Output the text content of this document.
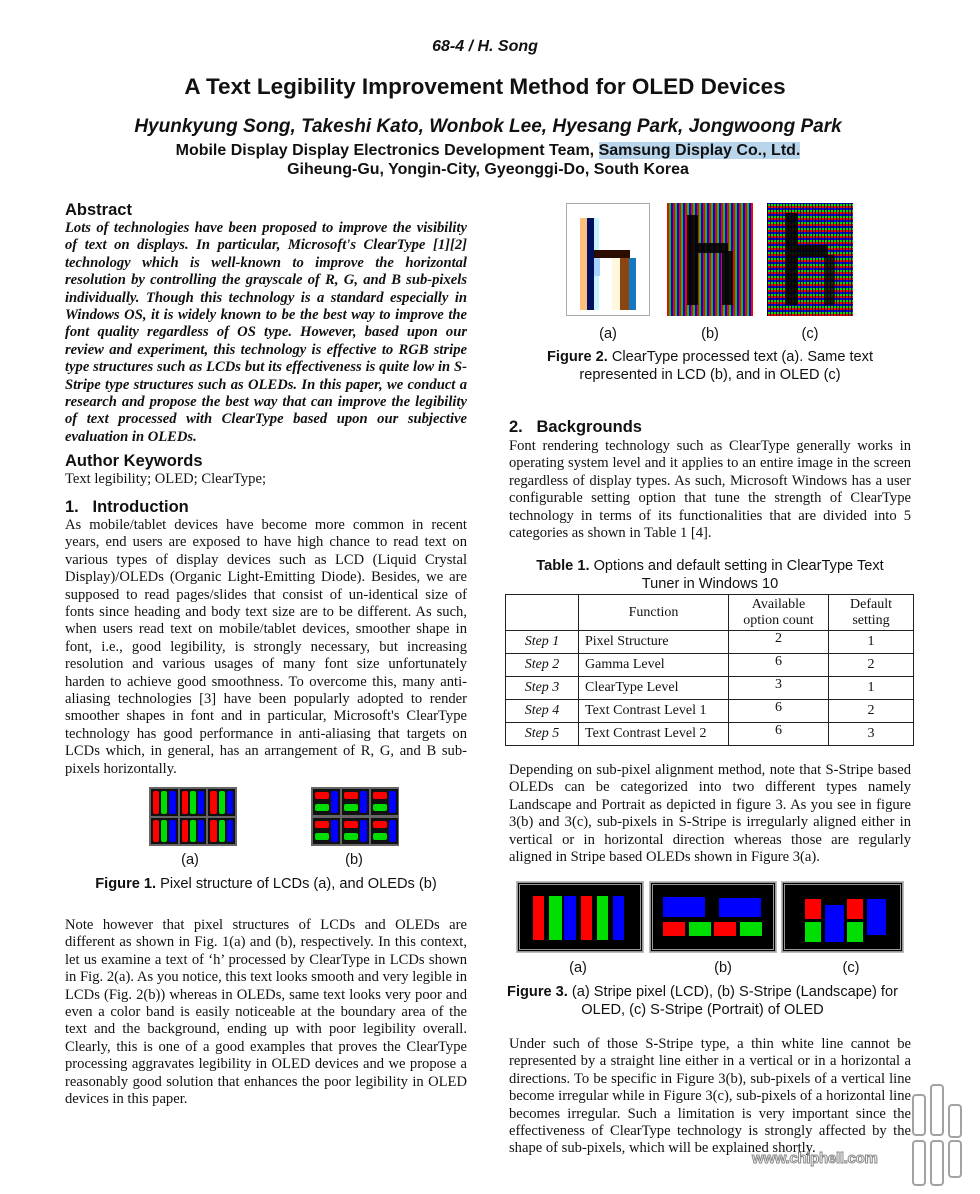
68-4 / H. Song
A Text Legibility Improvement Method for OLED Devices
Hyunkyung Song, Takeshi Kato, Wonbok Lee, Hyesang Park, Jongwoong Park
Mobile Display Display Electronics Development Team, Samsung Display Co., Ltd.
Giheung-Gu, Yongin-City, Gyeonggi-Do, South Korea
Abstract
Lots of technologies have been proposed to improve the visibility of text on displays. In particular, Microsoft's ClearType [1][2] technology which is well-known to improve the horizontal resolution by controlling the grayscale of R, G, and B sub-pixels individually. Though this technology is a standard especially in Windows OS, it is widely known to be the best way to improve the font quality regardless of OS type. However, based upon our review and experiment, this technology is effective to RGB stripe type structures such as LCDs but its effectiveness is quite low in S-Stripe type structures such as OLEDs. In this paper, we conduct a research and propose the best way that can improve the legibility of text processed with ClearType based upon our subjective evaluation in OLEDs.
Author Keywords
Text legibility; OLED; ClearType;
1.   Introduction
As mobile/tablet devices have become more common in recent years, end users are exposed to have high chance to read text on various types of display devices such as LCD (Liquid Crystal Display)/OLEDs (Organic Light-Emitting Diode). Besides, we are supposed to read pages/slides that consist of un-identical size of fonts since heading and body text size are to be different. As such, when users read text on mobile/tablet devices, smoother shape in font, i.e., good legibility, is strongly necessary, but increasing resolution and various usages of many font size unfortunately harden to achieve good smoothness. To overcome this, many anti-aliasing technologies [3] have been popularly adopted to render smoother shapes in font and in particular, Microsoft's ClearType technology has good performance in anti-aliasing that targets on LCDs which, in general, has an arrangement of R, G, and B sub-pixels horizontally.
(a)	(b)
Figure 1. Pixel structure of LCDs (a), and OLEDs (b)
Note however that pixel structures of LCDs and OLEDs are different as shown in Fig. 1(a) and (b), respectively. In this context, let us examine a text of ‘h’ processed by ClearType in LCDs shown in Fig. 2(a). As you notice, this text looks smooth and very legible in LCDs (Fig. 2(b)) whereas in OLEDs, same text looks very poor and even a color band is easily noticeable at the boundary area of the text and the background, ending up with poor legibility overall. Clearly, this is one of a good examples that proves the ClearType processing aggravates legibility in OLED devices and we propose a reasonably good solution that enhances the poor legibility in OLED devices in this paper.
(a)	(b)	(c)
Figure 2. ClearType processed text (a). Same text represented in LCD (b), and in OLED (c)
2.   Backgrounds
Font rendering technology such as ClearType generally works in operating system level and it applies to an entire image in the screen regardless of display types. As such, Microsoft Windows has a user configurable setting option that tune the strength of ClearType technology in terms of its functionalities that are divided into 5 categories as shown in Table 1 [4].
Table 1. Options and default setting in ClearType Text Tuner in Windows 10
	Function	Available option count	Default setting
Step 1	Pixel Structure	2	1
Step 2	Gamma Level	6	2
Step 3	ClearType Level	3	1
Step 4	Text Contrast Level 1	6	2
Step 5	Text Contrast Level 2	6	3
Depending on sub-pixel alignment method, note that S-Stripe based OLEDs can be categorized into two different types namely Landscape and Portrait as depicted in figure 3. As you see in figure 3(b) and 3(c), sub-pixels in S-Stripe is irregularly aligned either in vertical or in horizontal direction whereas those are regularly aligned in Stripe based OLEDs shown in Figure 3(a).
(a)	(b)	(c)
Figure 3. (a) Stripe pixel (LCD), (b) S-Stripe (Landscape) for OLED, (c) S-Stripe (Portrait) of OLED
Under such of those S-Stripe type, a thin white line cannot be represented by a straight line either in a vertical or in a horizontal a directions. To be specific in Figure 3(b), sub-pixels of a vertical line become irregular while in Figure 3(c), sub-pixels of a horizontal line becomes irregular. Such a limitation is very important since the effectiveness of ClearType technology is strongly affected by the shape of sub-pixels, which will be explained shortly.
www.chiphell.com
